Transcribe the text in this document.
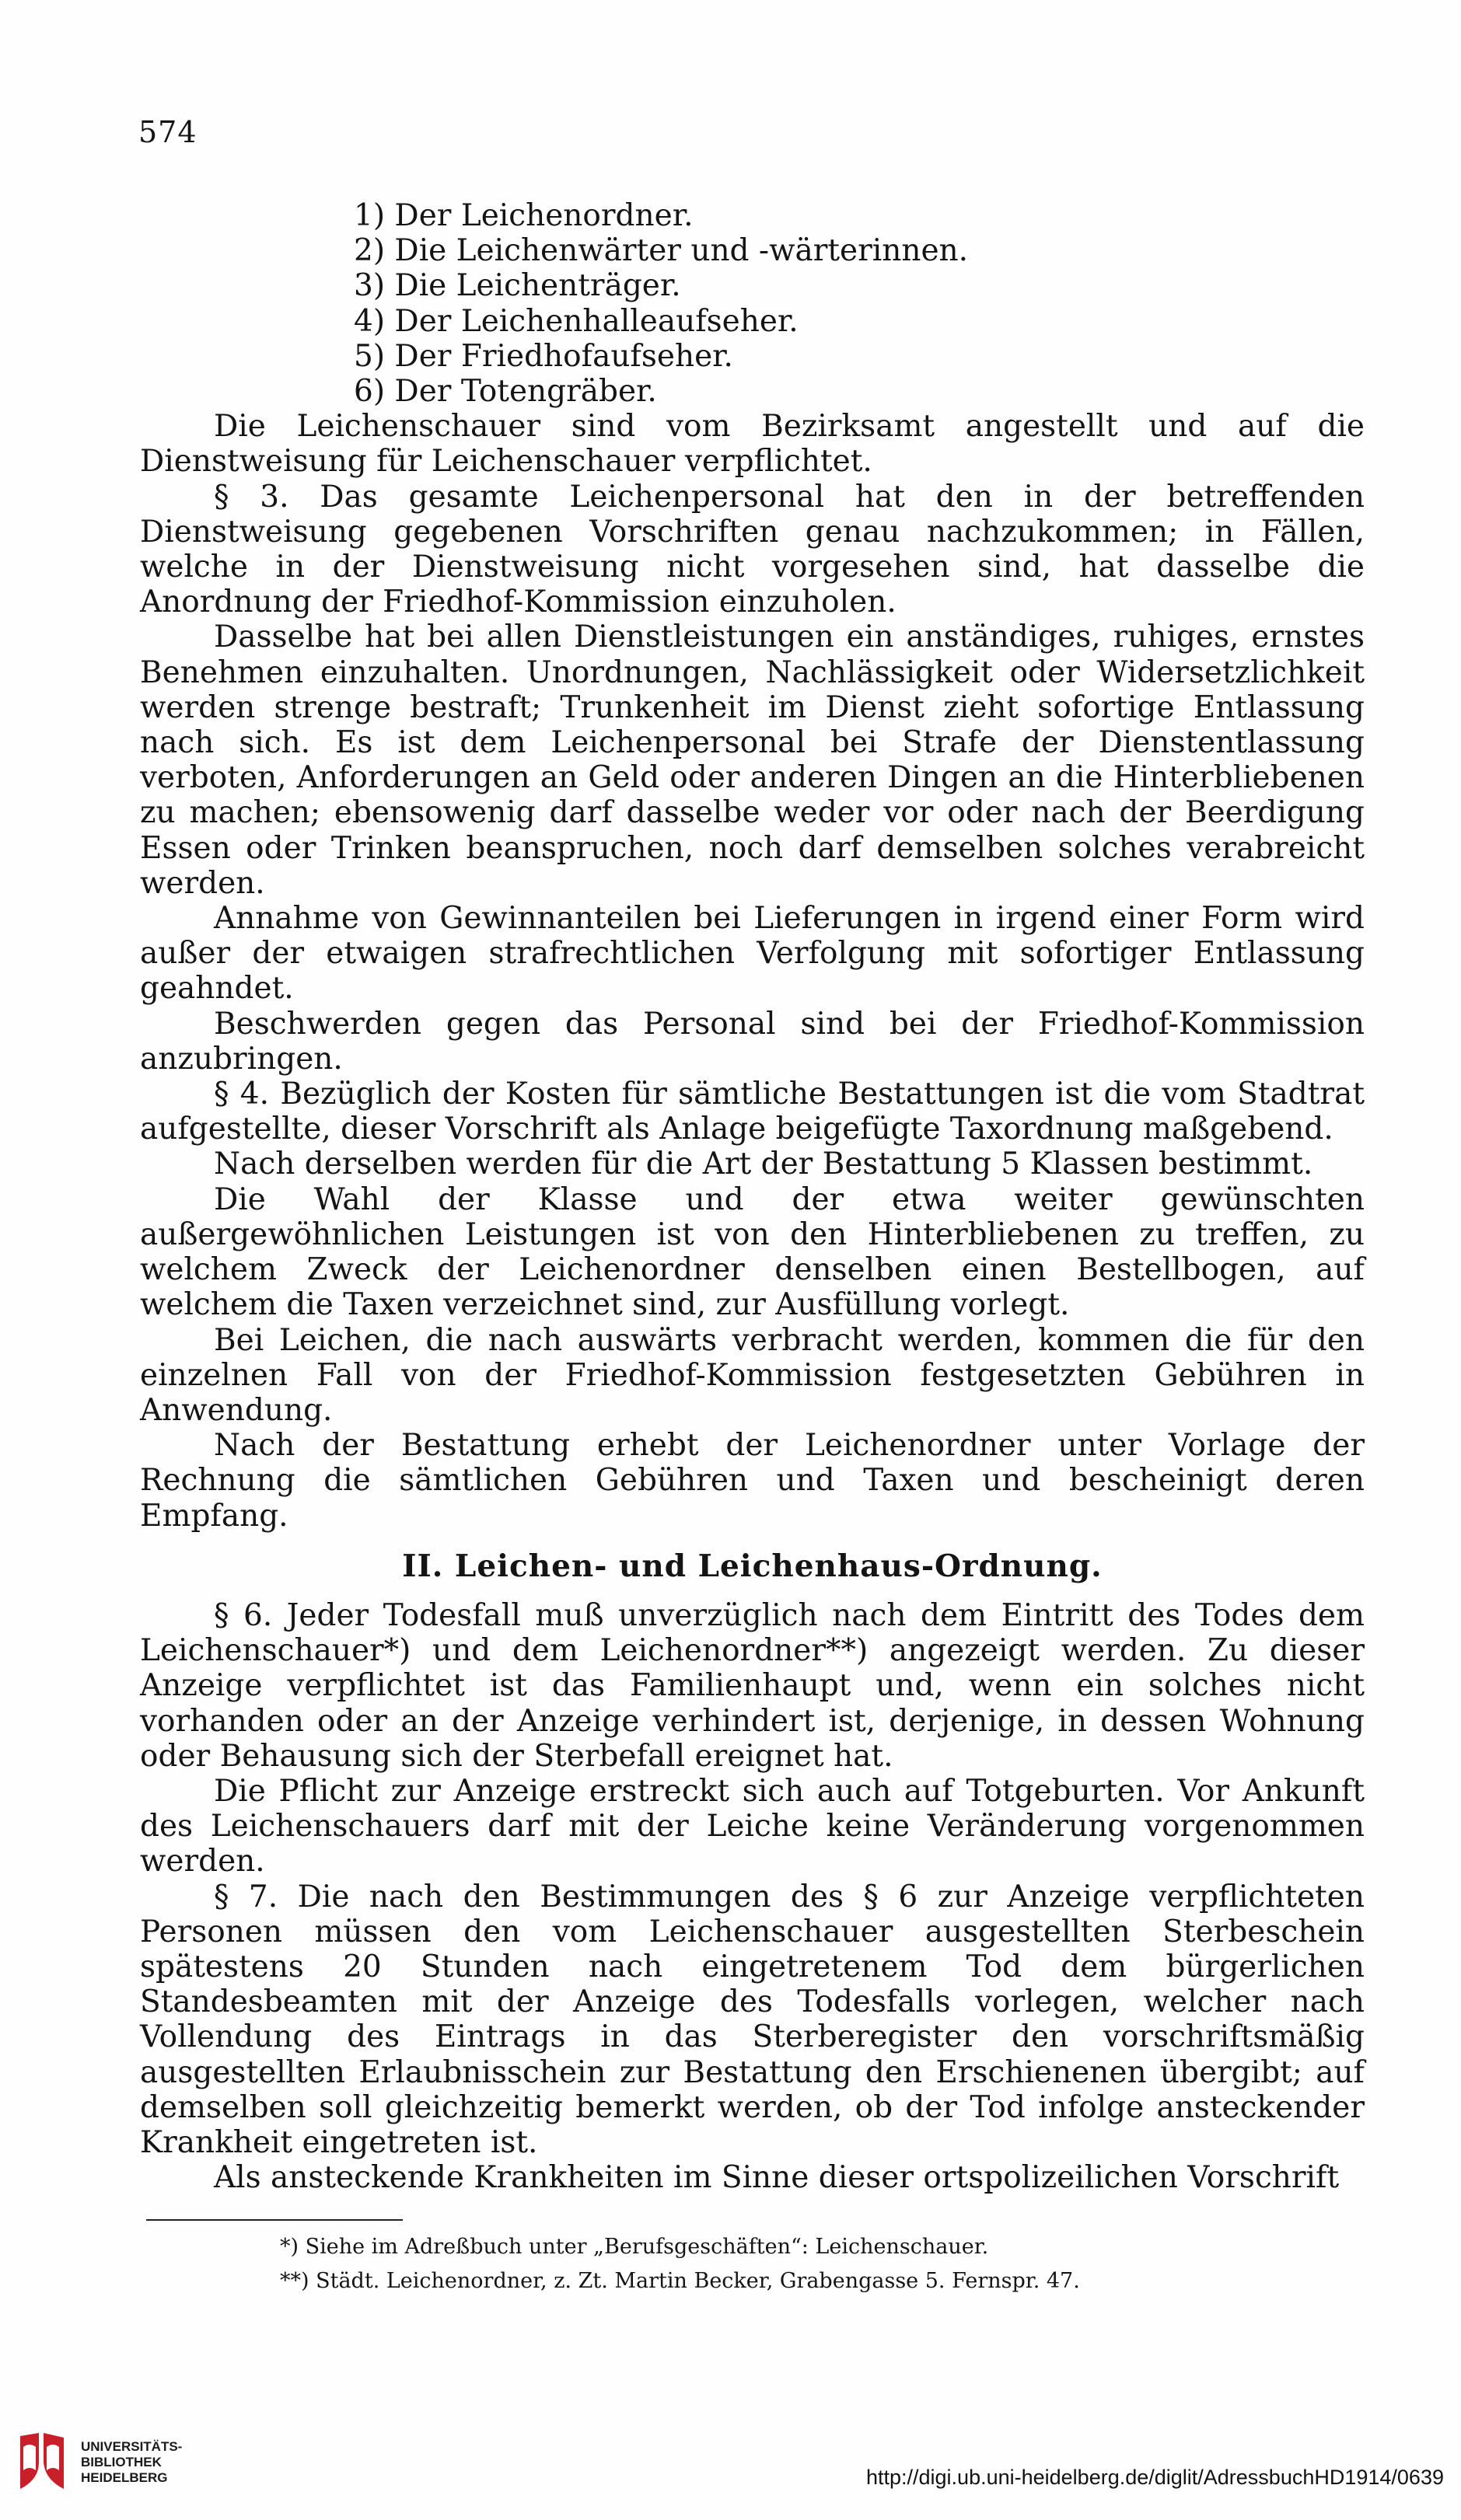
574
1) Der Leichenordner.
2) Die Leichenwärter und -wärterinnen.
3) Die Leichenträger.
4) Der Leichenhalleaufseher.
5) Der Friedhofaufseher.
6) Der Totengräber.

Die Leichenschauer sind vom Bezirksamt angestellt und auf die Dienstweisung für Leichenschauer verpflichtet.

§ 3. Das gesamte Leichenpersonal hat den in der betreffenden Dienstweisung gegebenen Vorschriften genau nachzukommen; in Fällen, welche in der Dienstweisung nicht vorgesehen sind, hat dasselbe die Anordnung der Friedhof-Kommission einzuholen.

Dasselbe hat bei allen Dienstleistungen ein anständiges, ruhiges, ernstes Benehmen einzuhalten. Unordnungen, Nachlässigkeit oder Widersetzlichkeit werden strenge bestraft; Trunkenheit im Dienst zieht sofortige Entlassung nach sich. Es ist dem Leichenpersonal bei Strafe der Dienstentlassung verboten, Anforderungen an Geld oder anderen Dingen an die Hinterbliebenen zu machen; ebensowenig darf dasselbe weder vor oder nach der Beerdigung Essen oder Trinken beanspruchen, noch darf demselben solches verabreicht werden.

Annahme von Gewinnanteilen bei Lieferungen in irgend einer Form wird außer der etwaigen strafrechtlichen Verfolgung mit sofortiger Entlassung geahndet.

Beschwerden gegen das Personal sind bei der Friedhof-Kommission anzubringen.

§ 4. Bezüglich der Kosten für sämtliche Bestattungen ist die vom Stadtrat aufgestellte, dieser Vorschrift als Anlage beigefügte Taxordnung maßgebend.

Nach derselben werden für die Art der Bestattung 5 Klassen bestimmt.

Die Wahl der Klasse und der etwa weiter gewünschten außergewöhnlichen Leistungen ist von den Hinterbliebenen zu treffen, zu welchem Zweck der Leichenordner denselben einen Bestellbogen, auf welchem die Taxen verzeichnet sind, zur Ausfüllung vorlegt.

Bei Leichen, die nach auswärts verbracht werden, kommen die für den einzelnen Fall von der Friedhof-Kommission festgesetzten Gebühren in Anwendung.

Nach der Bestattung erhebt der Leichenordner unter Vorlage der Rechnung die sämtlichen Gebühren und Taxen und bescheinigt deren Empfang.

II. Leichen- und Leichenhaus-Ordnung.

§ 6. Jeder Todesfall muß unverzüglich nach dem Eintritt des Todes dem Leichenschauer*) und dem Leichenordner**) angezeigt werden. Zu dieser Anzeige verpflichtet ist das Familienhaupt und, wenn ein solches nicht vorhanden oder an der Anzeige verhindert ist, derjenige, in dessen Wohnung oder Behausung sich der Sterbefall ereignet hat.

Die Pflicht zur Anzeige erstreckt sich auch auf Totgeburten. Vor Ankunft des Leichenschauers darf mit der Leiche keine Veränderung vorgenommen werden.

§ 7. Die nach den Bestimmungen des § 6 zur Anzeige verpflichteten Personen müssen den vom Leichenschauer ausgestellten Sterbeschein spätestens 20 Stunden nach eingetretenem Tod dem bürgerlichen Standesbeamten mit der Anzeige des Todesfalls vorlegen, welcher nach Vollendung des Eintrags in das Sterberegister den vorschriftsmäßig ausgestellten Erlaubnisschein zur Bestattung den Erschienenen übergibt; auf demselben soll gleichzeitig bemerkt werden, ob der Tod infolge ansteckender Krankheit eingetreten ist.

Als ansteckende Krankheiten im Sinne dieser ortspolizeilichen Vorschrift

*) Siehe im Adreßbuch unter „Berufsgeschäften“: Leichenschauer.

**) Städt. Leichenordner, z. Zt. Martin Becker, Grabengasse 5. Fernspr. 47.

UNIVERSITÄTS-
BIBLIOTHEK
HEIDELBERG	http://digi.ub.uni-heidelberg.de/diglit/AdressbuchHD1914/0639
